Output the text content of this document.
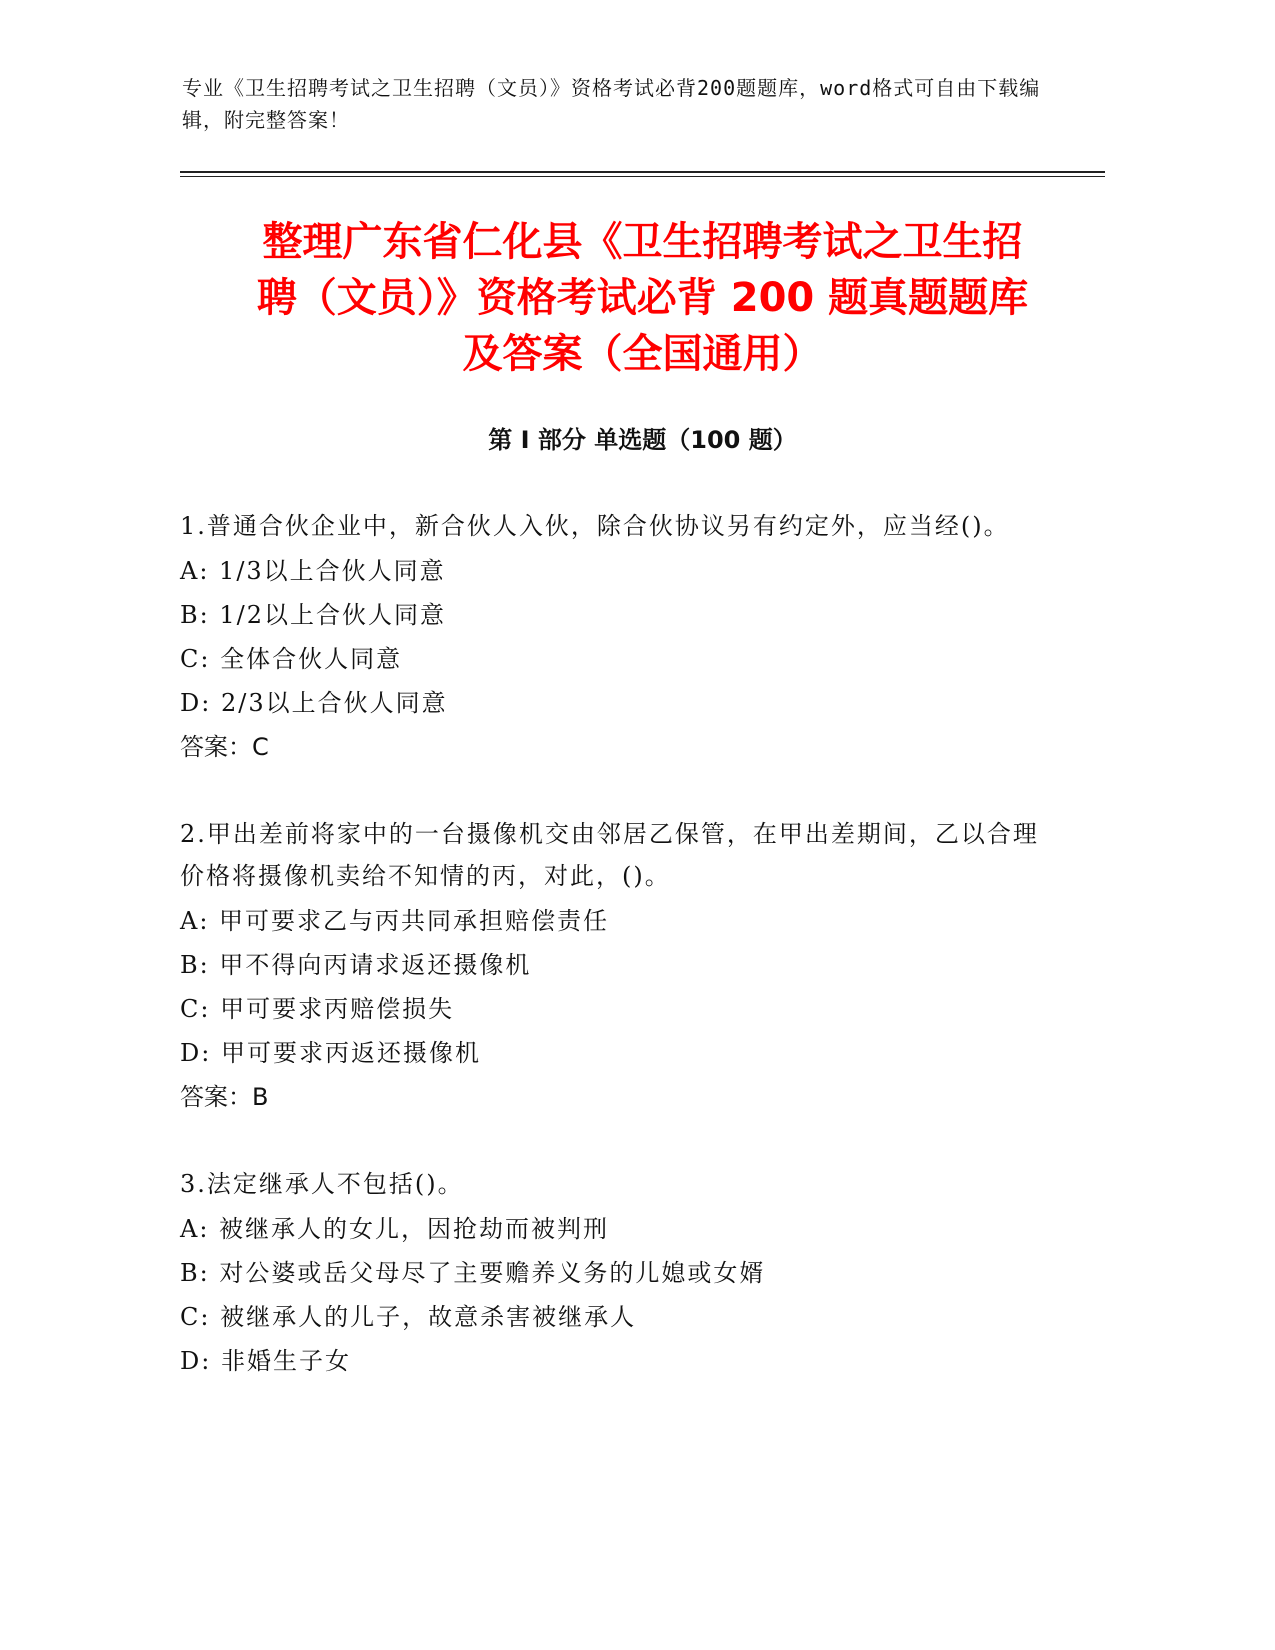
专业《卫生招聘考试之卫生招聘（文员）》资格考试必背200题题库，word格式可自由下载编辑，附完整答案！
整理广东省仁化县《卫生招聘考试之卫生招
聘（文员）》资格考试必背 200 题真题题库
及答案（全国通用）
第 I 部分 单选题（100 题）
1.普通合伙企业中，新合伙人入伙，除合伙协议另有约定外，应当经()。
A: 1/3以上合伙人同意
B: 1/2以上合伙人同意
C: 全体合伙人同意
D: 2/3以上合伙人同意
答案：C
2.甲出差前将家中的一台摄像机交由邻居乙保管，在甲出差期间，乙以合理价格将摄像机卖给不知情的丙，对此，()。
A: 甲可要求乙与丙共同承担赔偿责任
B: 甲不得向丙请求返还摄像机
C: 甲可要求丙赔偿损失
D: 甲可要求丙返还摄像机
答案：B
3.法定继承人不包括()。
A: 被继承人的女儿，因抢劫而被判刑
B: 对公婆或岳父母尽了主要赡养义务的儿媳或女婿
C: 被继承人的儿子，故意杀害被继承人
D: 非婚生子女
